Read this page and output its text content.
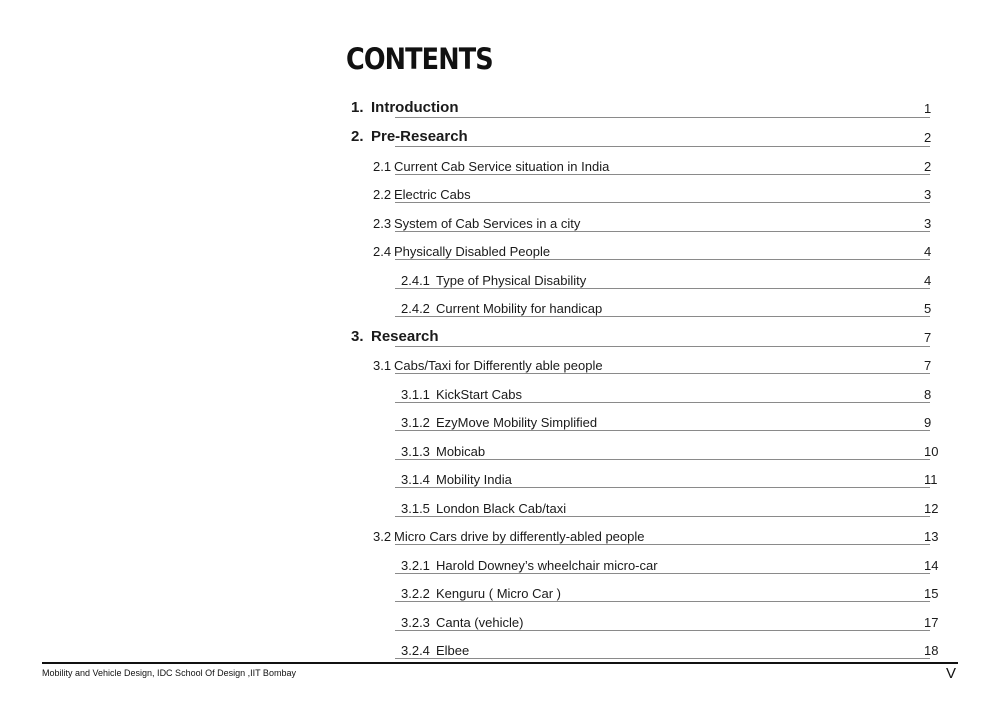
CONTENTS
1. Introduction	1
2. Pre-Research	2
2.1 Current Cab Service situation in India	2
2.2 Electric Cabs	3
2.3 System of Cab Services in a city	3
2.4 Physically Disabled People	4
2.4.1 Type of Physical Disability	4
2.4.2 Current Mobility for handicap	5
3. Research	7
3.1 Cabs/Taxi for Differently able people	7
3.1.1 KickStart Cabs	8
3.1.2 EzyMove Mobility Simplified	9
3.1.3 Mobicab	10
3.1.4 Mobility India	11
3.1.5 London Black Cab/taxi	12
3.2 Micro Cars drive by differently-abled people	13
3.2.1 Harold Downey’s wheelchair micro-car	14
3.2.2 Kenguru ( Micro Car )	15
3.2.3 Canta (vehicle)	17
3.2.4 Elbee	18
Mobility and Vehicle Design, IDC School Of Design ,IIT Bombay	V
